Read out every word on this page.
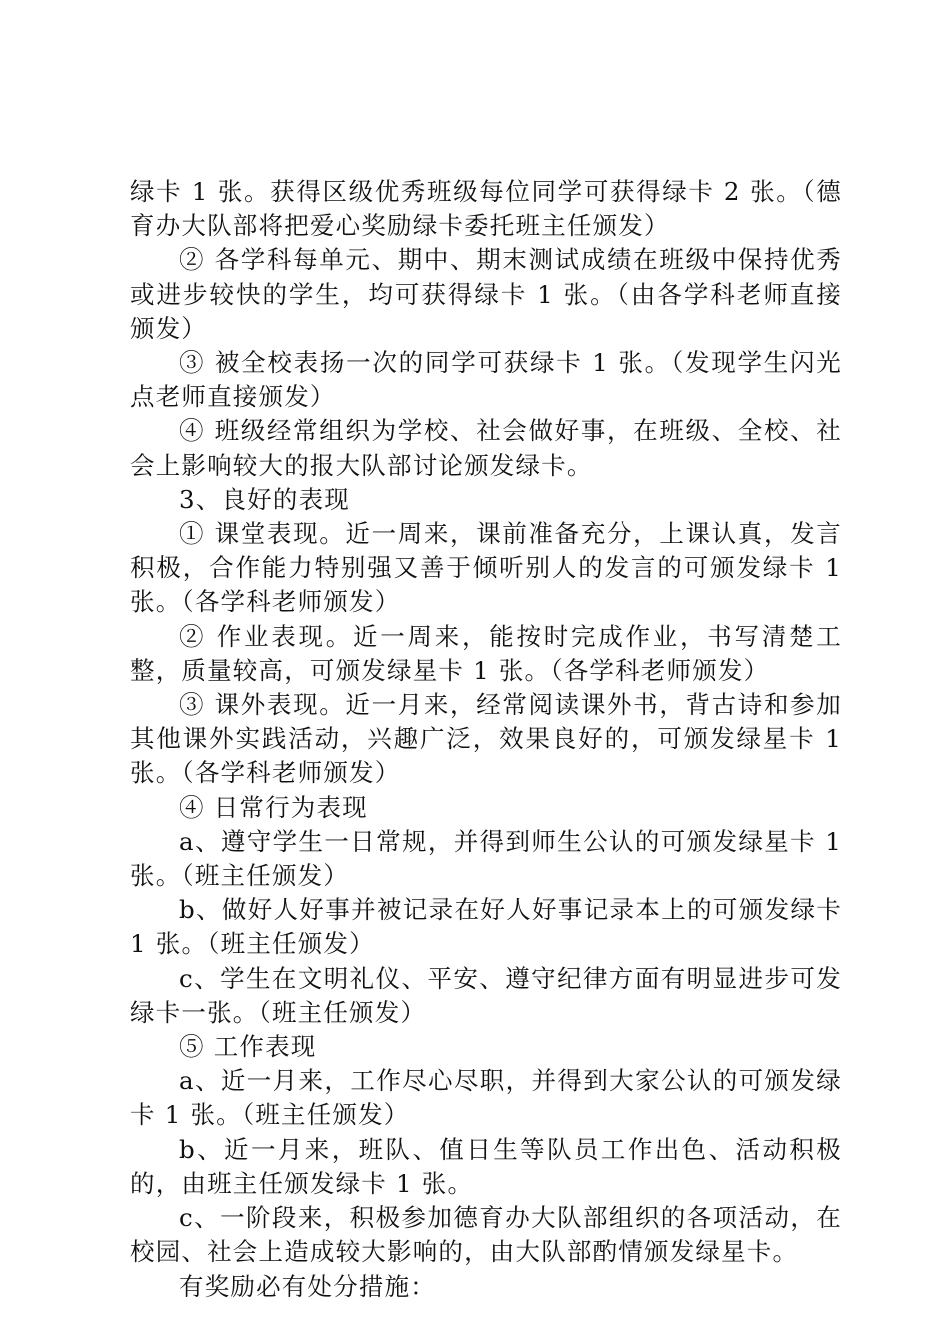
绿卡 1 张。获得区级优秀班级每位同学可获得绿卡 2 张。（德育办大队部将把爱心奖励绿卡委托班主任颁发）

② 各学科每单元、期中、期末测试成绩在班级中保持优秀或进步较快的学生，均可获得绿卡 1 张。（由各学科老师直接颁发）

③ 被全校表扬一次的同学可获绿卡 1 张。（发现学生闪光点老师直接颁发）

④ 班级经常组织为学校、社会做好事，在班级、全校、社会上影响较大的报大队部讨论颁发绿卡。

3、良好的表现

① 课堂表现。近一周来，课前准备充分，上课认真，发言积极，合作能力特别强又善于倾听别人的发言的可颁发绿卡 1 张。（各学科老师颁发）

② 作业表现。近一周来，能按时完成作业，书写清楚工整，质量较高，可颁发绿星卡 1 张。（各学科老师颁发）

③ 课外表现。近一月来，经常阅读课外书，背古诗和参加其他课外实践活动，兴趣广泛，效果良好的，可颁发绿星卡 1 张。（各学科老师颁发）

④ 日常行为表现

a、遵守学生一日常规，并得到师生公认的可颁发绿星卡 1 张。（班主任颁发）

b、做好人好事并被记录在好人好事记录本上的可颁发绿卡 1 张。（班主任颁发）

c、学生在文明礼仪、平安、遵守纪律方面有明显进步可发绿卡一张。（班主任颁发）

⑤ 工作表现

a、近一月来，工作尽心尽职，并得到大家公认的可颁发绿卡 1 张。（班主任颁发）

b、近一月来，班队、值日生等队员工作出色、活动积极的，由班主任颁发绿卡 1 张。

c、一阶段来，积极参加德育办大队部组织的各项活动，在校园、社会上造成较大影响的，由大队部酌情颁发绿星卡。

有奖励必有处分措施：
